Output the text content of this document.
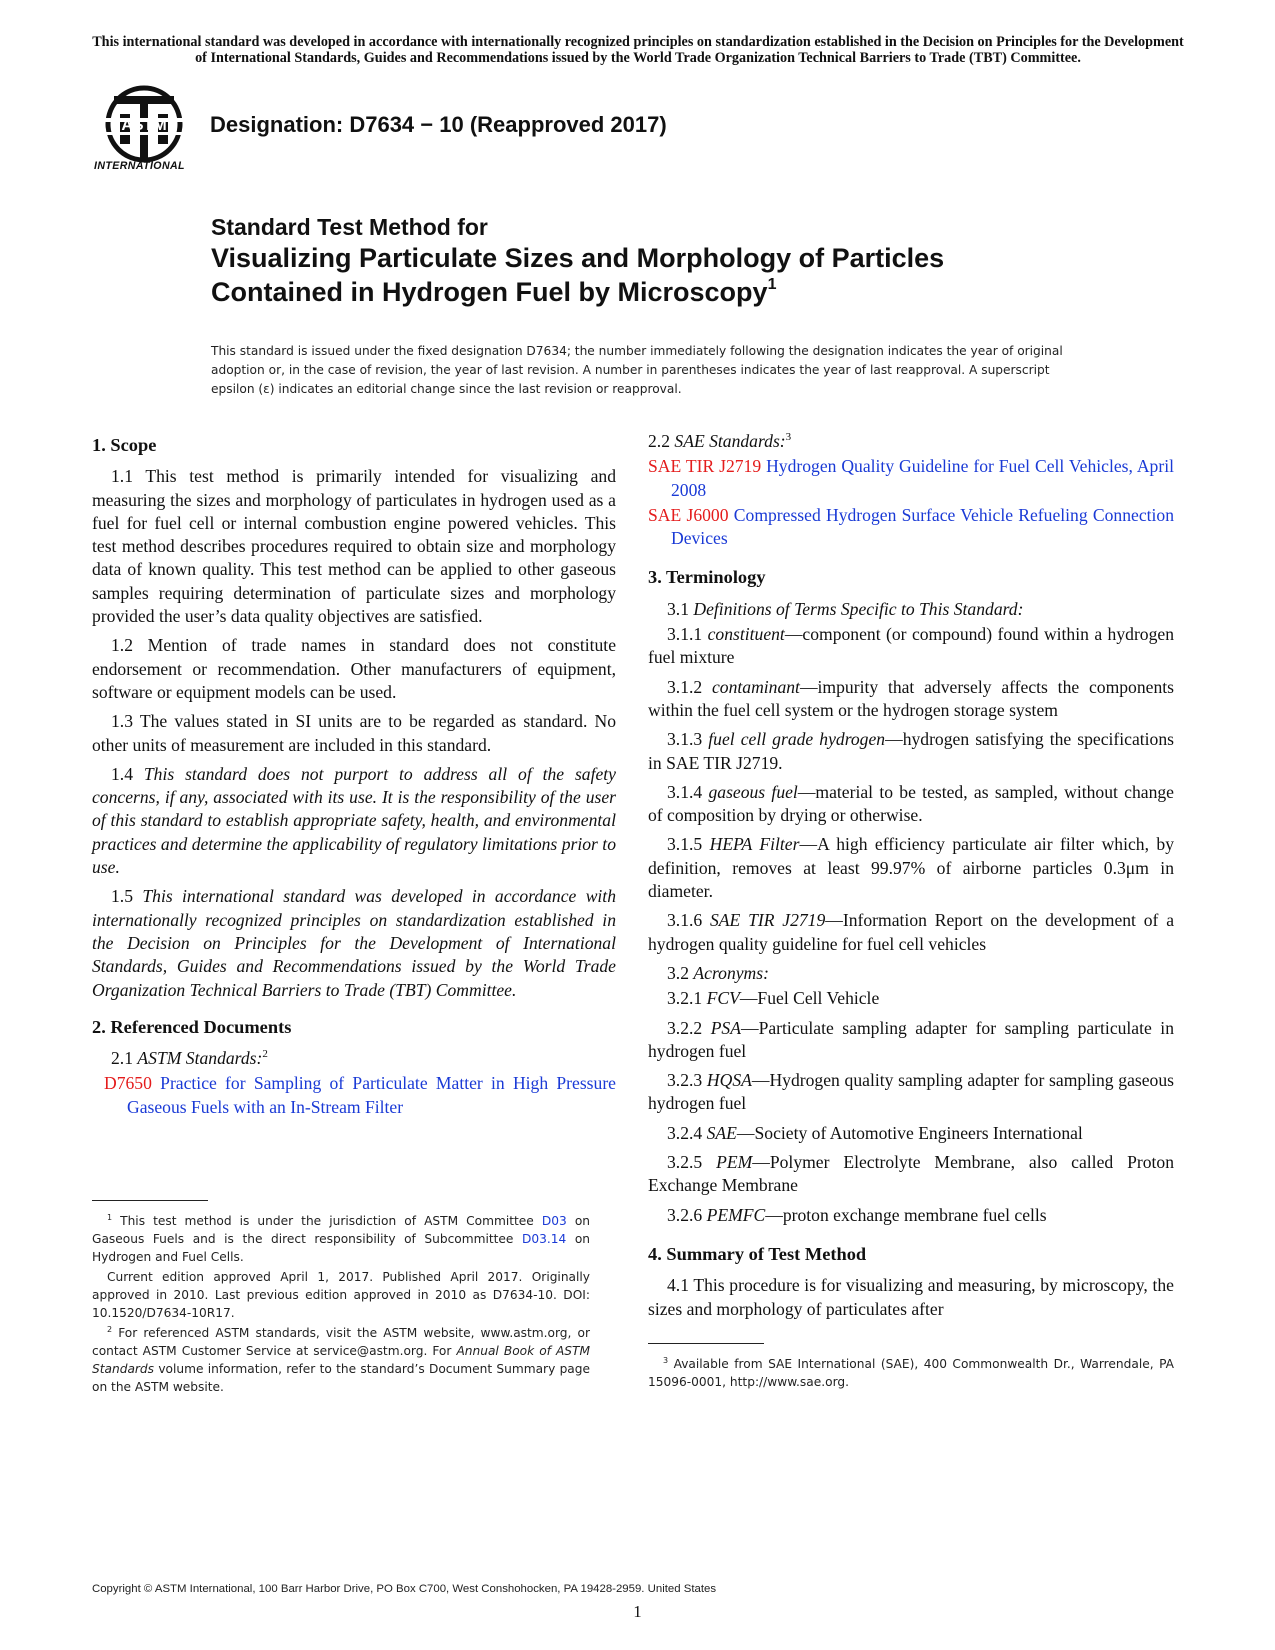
This international standard was developed in accordance with internationally recognized principles on standardization established in the Decision on Principles for the Development of International Standards, Guides and Recommendations issued by the World Trade Organization Technical Barriers to Trade (TBT) Committee.
ASTM
INTERNATIONAL
Designation: D7634 − 10 (Reapproved 2017)
Standard Test Method for
Visualizing Particulate Sizes and Morphology of Particles
Contained in Hydrogen Fuel by Microscopy$^1$
This standard is issued under the fixed designation D7634; the number immediately following the designation indicates the year of original adoption or, in the case of revision, the year of last revision. A number in parentheses indicates the year of last reapproval. A superscript epsilon (ε) indicates an editorial change since the last revision or reapproval.

1. Scope

1.1 This test method is primarily intended for visualizing and measuring the sizes and morphology of particulates in hydrogen used as a fuel for fuel cell or internal combustion engine powered vehicles. This test method describes procedures required to obtain size and morphology data of known quality. This test method can be applied to other gaseous samples requiring determination of particulate sizes and morphology provided the user’s data quality objectives are satisfied.

1.2 Mention of trade names in standard does not constitute endorsement or recommendation. Other manufacturers of equipment, software or equipment models can be used.

1.3 The values stated in SI units are to be regarded as standard. No other units of measurement are included in this standard.

1.4 This standard does not purport to address all of the safety concerns, if any, associated with its use. It is the responsibility of the user of this standard to establish appropriate safety, health, and environmental practices and determine the applicability of regulatory limitations prior to use.

1.5 This international standard was developed in accordance with internationally recognized principles on standardization established in the Decision on Principles for the Development of International Standards, Guides and Recommendations issued by the World Trade Organization Technical Barriers to Trade (TBT) Committee.

2. Referenced Documents

2.1 ASTM Standards:$^2$

D7650 Practice for Sampling of Particulate Matter in High Pressure Gaseous Fuels with an In-Stream Filter

$^1$ This test method is under the jurisdiction of ASTM Committee D03 on Gaseous Fuels and is the direct responsibility of Subcommittee D03.14 on Hydrogen and Fuel Cells.

Current edition approved April 1, 2017. Published April 2017. Originally approved in 2010. Last previous edition approved in 2010 as D7634-10. DOI: 10.1520/D7634-10R17.

$^2$ For referenced ASTM standards, visit the ASTM website, www.astm.org, or contact ASTM Customer Service at service@astm.org. For Annual Book of ASTM Standards volume information, refer to the standard’s Document Summary page on the ASTM website.

2.2 SAE Standards:$^3$

SAE TIR J2719 Hydrogen Quality Guideline for Fuel Cell Vehicles, April 2008

SAE J6000 Compressed Hydrogen Surface Vehicle Refueling Connection Devices

3. Terminology

3.1 Definitions of Terms Specific to This Standard:

3.1.1 constituent—component (or compound) found within a hydrogen fuel mixture

3.1.2 contaminant—impurity that adversely affects the components within the fuel cell system or the hydrogen storage system

3.1.3 fuel cell grade hydrogen—hydrogen satisfying the specifications in SAE TIR J2719.

3.1.4 gaseous fuel—material to be tested, as sampled, without change of composition by drying or otherwise.

3.1.5 HEPA Filter—A high efficiency particulate air filter which, by definition, removes at least 99.97% of airborne particles 0.3μm in diameter.

3.1.6 SAE TIR J2719—Information Report on the development of a hydrogen quality guideline for fuel cell vehicles

3.2 Acronyms:

3.2.1 FCV—Fuel Cell Vehicle

3.2.2 PSA—Particulate sampling adapter for sampling particulate in hydrogen fuel

3.2.3 HQSA—Hydrogen quality sampling adapter for sampling gaseous hydrogen fuel

3.2.4 SAE—Society of Automotive Engineers International

3.2.5 PEM—Polymer Electrolyte Membrane, also called Proton Exchange Membrane

3.2.6 PEMFC—proton exchange membrane fuel cells

4. Summary of Test Method

4.1 This procedure is for visualizing and measuring, by microscopy, the sizes and morphology of particulates after

$^3$ Available from SAE International (SAE), 400 Commonwealth Dr., Warrendale, PA 15096-0001, http://www.sae.org.

Copyright © ASTM International, 100 Barr Harbor Drive, PO Box C700, West Conshohocken, PA 19428-2959. United States
1
